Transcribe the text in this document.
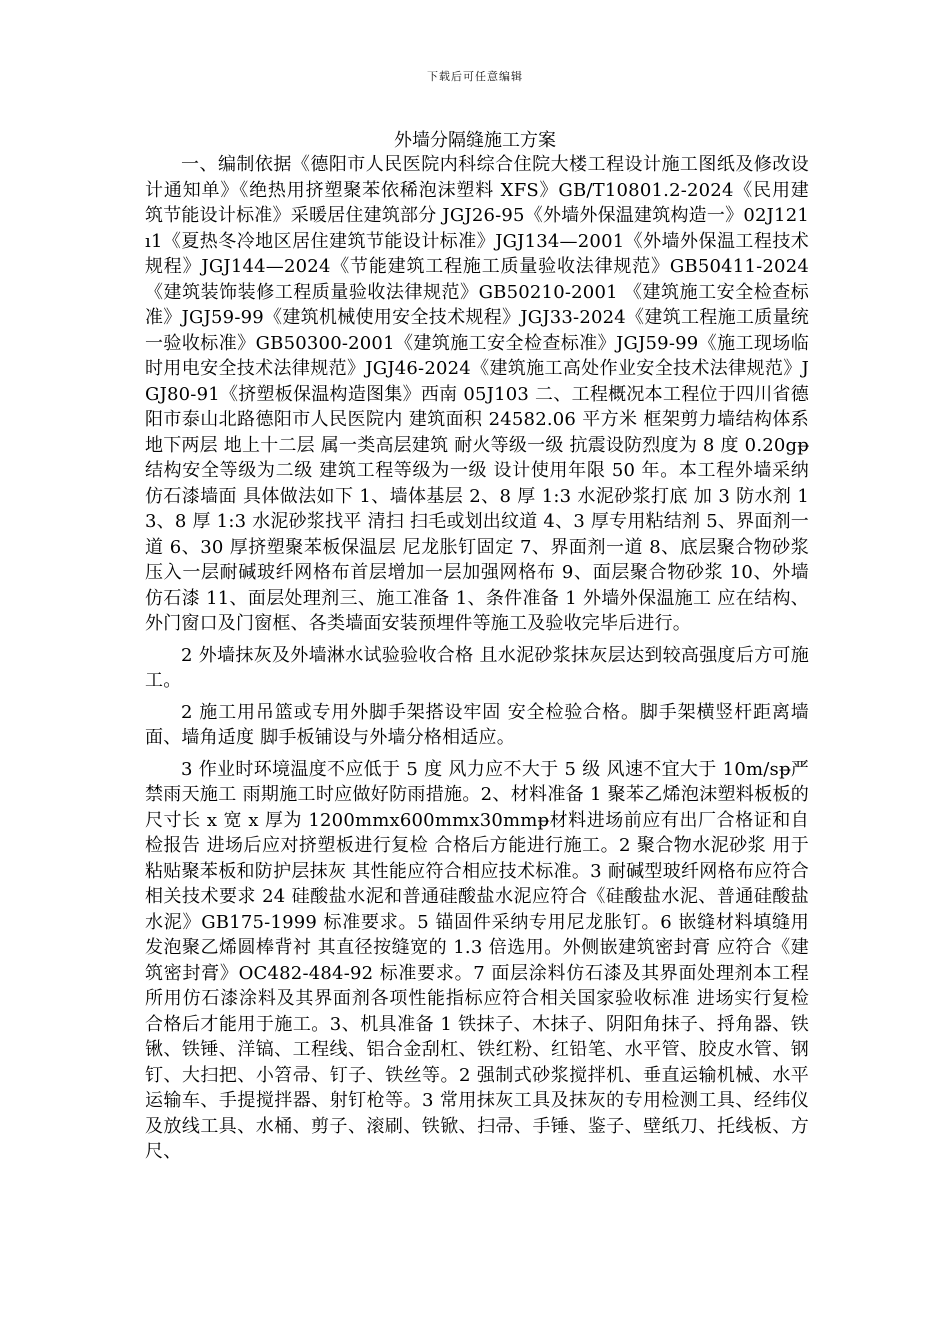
下载后可任意编辑
外墙分隔缝施工方案

一、编制依据《德阳市人民医院内科综合住院大楼工程设计施工图纸及修改设计通知单》《绝热用挤塑聚苯依稀泡沫塑料 XFS》GB/T10801.2-2024《民用建筑节能设计标准》采暖居住建筑部分 JGJ26-95《外墙外保温建筑构造一》02J121ı1《夏热冬冷地区居住建筑节能设计标准》JGJ134—2001《外墙外保温工程技术规程》JGJ144—2024《节能建筑工程施工质量验收法律规范》GB50411-2024《建筑装饰装修工程质量验收法律规范》GB50210-2001 《建筑施工安全检查标准》JGJ59-99《建筑机械使用安全技术规程》JGJ33-2024《建筑工程施工质量统一验收标准》GB50300-2001《建筑施工安全检查标准》JGJ59-99《施工现场临时用电安全技术法律规范》JGJ46-2024《建筑施工高处作业安全技术法律规范》JGJ80-91《挤塑板保温构造图集》西南 05J103 二、工程概况本工程位于四川省德阳市泰山北路德阳市人民医院内 建筑面积 24582.06 平方米 框架剪力墙结构体系 地下两层 地上十二层 属一类高层建筑 耐火等级一级 抗震设防烈度为 8 度 0.20gᵽ结构安全等级为二级 建筑工程等级为一级 设计使用年限 50 年。本工程外墙采纳仿石漆墙面 具体做法如下 1、墙体基层 2、8 厚 1:3 水泥砂浆打底 加 3 防水剂 13、8 厚 1:3 水泥砂浆找平 清扫 扫毛或划出纹道 4、3 厚专用粘结剂 5、界面剂一道 6、30 厚挤塑聚苯板保温层 尼龙胀钉固定 7、界面剂一道 8、底层聚合物砂浆 压入一层耐碱玻纤网格布首层增加一层加强网格布 9、面层聚合物砂浆 10、外墙仿石漆 11、面层处理剂三、施工准备 1、条件准备 1 外墙外保温施工 应在结构、外门窗口及门窗框、各类墙面安装预埋件等施工及验收完毕后进行。

2 外墙抹灰及外墙淋水试验验收合格 且水泥砂浆抹灰层达到较高强度后方可施工。

2 施工用吊篮或专用外脚手架搭设牢固 安全检验合格。脚手架横竖杆距离墙面、墙角适度 脚手板铺设与外墙分格相适应。

3 作业时环境温度不应低于 5 度 风力应不大于 5 级 风速不宜大于 10m/sᵽ严禁雨天施工 雨期施工时应做好防雨措施。2、材料准备 1 聚苯乙烯泡沫塑料板板的尺寸长 x 宽 x 厚为 1200mmx600mmx30mmᵽ材料进场前应有出厂合格证和自检报告 进场后应对挤塑板进行复检 合格后方能进行施工。2 聚合物水泥砂浆 用于粘贴聚苯板和防护层抹灰 其性能应符合相应技术标准。3 耐碱型玻纤网格布应符合相关技术要求 24 硅酸盐水泥和普通硅酸盐水泥应符合《硅酸盐水泥、普通硅酸盐水泥》GB175-1999 标准要求。5 锚固件采纳专用尼龙胀钉。6 嵌缝材料填缝用发泡聚乙烯圆棒背衬 其直径按缝宽的 1.3 倍选用。外侧嵌建筑密封膏 应符合《建筑密封膏》OC482-484-92 标准要求。7 面层涂料仿石漆及其界面处理剂本工程所用仿石漆涂料及其界面剂各项性能指标应符合相关国家验收标准 进场实行复检 合格后才能用于施工。3、机具准备 1 铁抹子、木抹子、阴阳角抹子、捋角器、铁锹、铁锤、洋镐、工程线、铝合金刮杠、铁红粉、红铅笔、水平管、胶皮水管、钢钉、大扫把、小笤帚、钉子、铁丝等。2 强制式砂浆搅拌机、垂直运输机械、水平运输车、手提搅拌器、射钉枪等。3 常用抹灰工具及抹灰的专用检测工具、经纬仪及放线工具、水桶、剪子、滚刷、铁锨、扫帚、手锤、鉴子、壁纸刀、托线板、方尺、
